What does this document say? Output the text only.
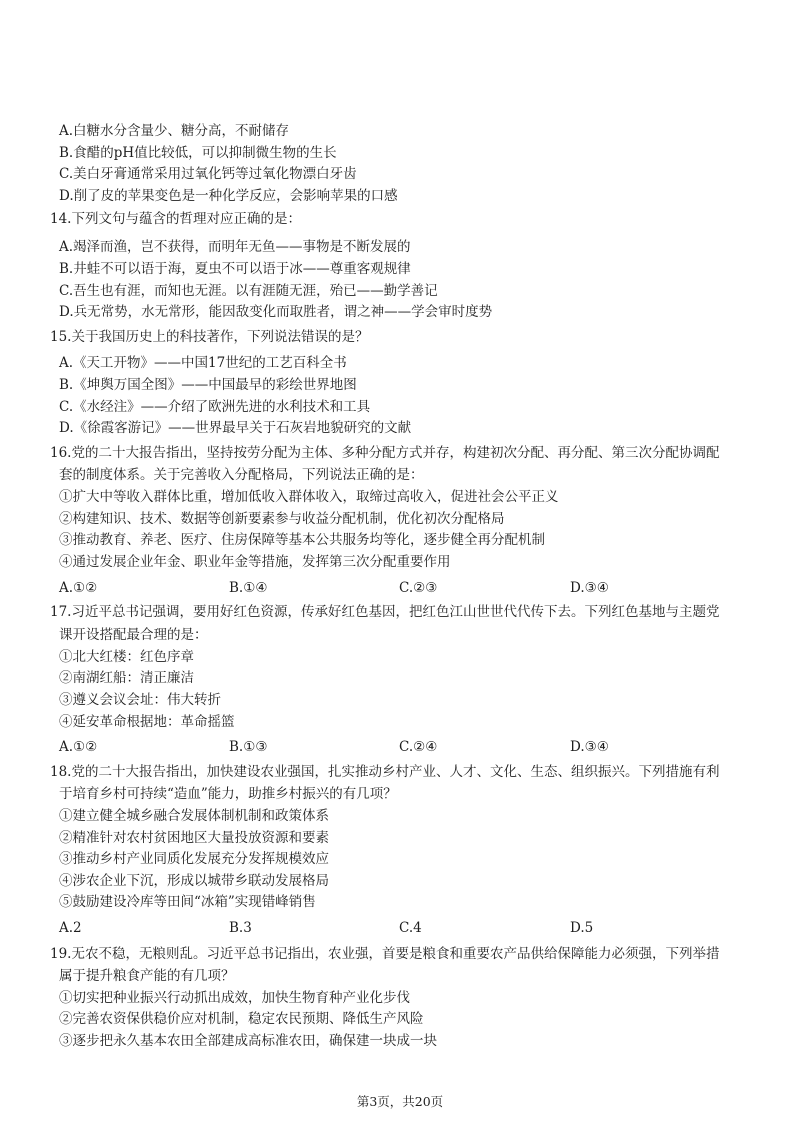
A.白糖水分含量少、糖分高，不耐储存
B.食醋的pH值比较低，可以抑制微生物的生长
C.美白牙膏通常采用过氧化钙等过氧化物漂白牙齿
D.削了皮的苹果变色是一种化学反应，会影响苹果的口感
14.下列文句与蕴含的哲理对应正确的是：
A.竭泽而渔，岂不获得，而明年无鱼——事物是不断发展的
B.井蛙不可以语于海，夏虫不可以语于冰——尊重客观规律
C.吾生也有涯，而知也无涯。以有涯随无涯，殆已——勤学善记
D.兵无常势，水无常形，能因敌变化而取胜者，谓之神——学会审时度势
15.关于我国历史上的科技著作，下列说法错误的是？
A.《天工开物》——中国17世纪的工艺百科全书
B.《坤舆万国全图》——中国最早的彩绘世界地图
C.《水经注》——介绍了欧洲先进的水利技术和工具
D.《徐霞客游记》——世界最早关于石灰岩地貌研究的文献
16.党的二十大报告指出，坚持按劳分配为主体、多种分配方式并存，构建初次分配、再分配、第三次分配协调配
套的制度体系。关于完善收入分配格局，下列说法正确的是：
①扩大中等收入群体比重，增加低收入群体收入，取缔过高收入，促进社会公平正义
②构建知识、技术、数据等创新要素参与收益分配机制，优化初次分配格局
③推动教育、养老、医疗、住房保障等基本公共服务均等化，逐步健全再分配机制
④通过发展企业年金、职业年金等措施，发挥第三次分配重要作用
A.①②	B.①④	C.②③	D.③④
17.习近平总书记强调，要用好红色资源，传承好红色基因，把红色江山世世代代传下去。下列红色基地与主题党
课开设搭配最合理的是：
①北大红楼：红色序章
②南湖红船：清正廉洁
③遵义会议会址：伟大转折
④延安革命根据地：革命摇篮
A.①②	B.①③	C.②④	D.③④
18.党的二十大报告指出，加快建设农业强国，扎实推动乡村产业、人才、文化、生态、组织振兴。下列措施有利
于培育乡村可持续“造血”能力，助推乡村振兴的有几项？
①建立健全城乡融合发展体制机制和政策体系
②精准针对农村贫困地区大量投放资源和要素
③推动乡村产业同质化发展充分发挥规模效应
④涉农企业下沉，形成以城带乡联动发展格局
⑤鼓励建设冷库等田间“冰箱”实现错峰销售
A.2	B.3	C.4	D.5
19.无农不稳，无粮则乱。习近平总书记指出，农业强，首要是粮食和重要农产品供给保障能力必须强，下列举措
属于提升粮食产能的有几项？
①切实把种业振兴行动抓出成效，加快生物育种产业化步伐
②完善农资保供稳价应对机制，稳定农民预期、降低生产风险
③逐步把永久基本农田全部建成高标准农田，确保建一块成一块
第3页，共20页
